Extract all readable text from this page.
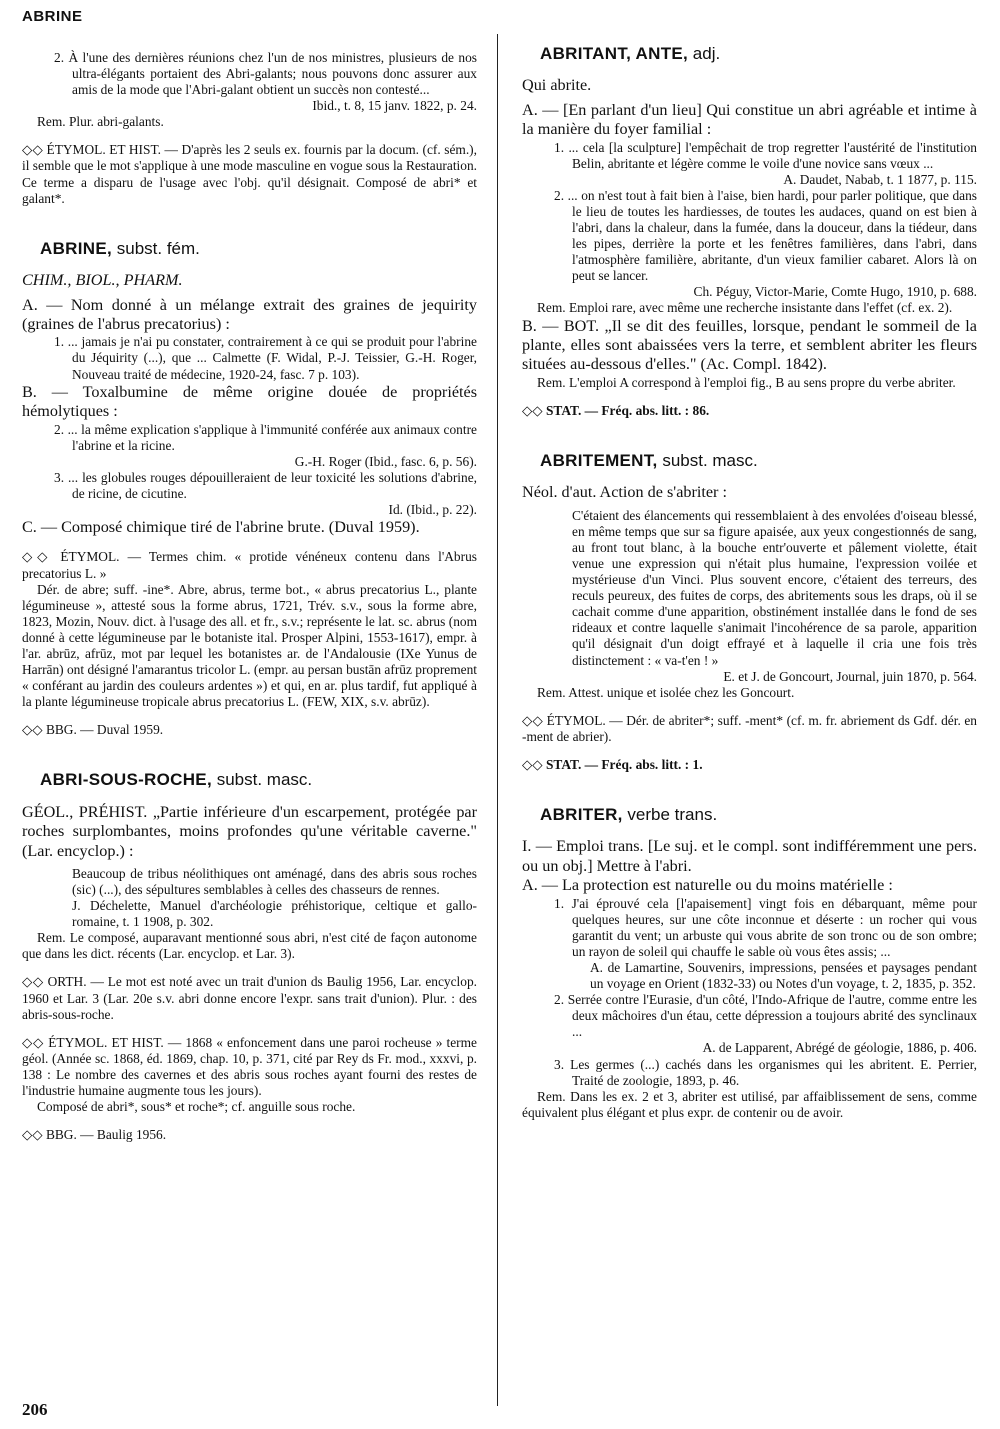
ABRINE

2. À l'une des dernières réunions chez l'un de nos ministres, plusieurs de nos ultra-élégants portaient des Abri-galants; nous pouvons donc assurer aux amis de la mode que l'Abri-galant obtient un succès non contesté...

Ibid., t. 8, 15 janv. 1822, p. 24.

Rem. Plur. abri-galants.

◇◇ ÉTYMOL. ET HIST. — D'après les 2 seuls ex. fournis par la docum. (cf. sém.), il semble que le mot s'applique à une mode masculine en vogue sous la Restauration. Ce terme a disparu de l'usage avec l'obj. qu'il désignait. Composé de abri* et galant*.

ABRINE, subst. fém.

CHIM., BIOL., PHARM.

A. — Nom donné à un mélange extrait des graines de jequirity (graines de l'abrus precatorius) :

1. ... jamais je n'ai pu constater, contrairement à ce qui se produit pour l'abrine du Jéquirity (...), que ... Calmette (F. Widal, P.-J. Teissier, G.-H. Roger, Nouveau traité de médecine, 1920-24, fasc. 7 p. 103).

B. — Toxalbumine de même origine douée de propriétés hémolytiques :

2. ... la même explication s'applique à l'immunité conférée aux animaux contre l'abrine et la ricine.

G.-H. Roger (Ibid., fasc. 6, p. 56).

3. ... les globules rouges dépouilleraient de leur toxicité les solutions d'abrine, de ricine, de cicutine.

Id. (Ibid., p. 22).

C. — Composé chimique tiré de l'abrine brute. (Duval 1959).

◇◇ ÉTYMOL. — Termes chim. « protide vénéneux contenu dans l'Abrus precatorius L. »

Dér. de abre; suff. -ine*. Abre, abrus, terme bot., « abrus precatorius L., plante légumineuse », attesté sous la forme abrus, 1721, Trév. s.v., sous la forme abre, 1823, Mozin, Nouv. dict. à l'usage des all. et fr., s.v.; représente le lat. sc. abrus (nom donné à cette légumineuse par le botaniste ital. Prosper Alpini, 1553-1617), empr. à l'ar. abrūz, afrūz, mot par lequel les botanistes ar. de l'Andalousie (IXe Yunus de Harrān) ont désigné l'amarantus tricolor L. (empr. au persan bustān afrūz proprement « conférant au jardin des couleurs ardentes ») et qui, en ar. plus tardif, fut appliqué à la plante légumineuse tropicale abrus precatorius L. (FEW, XIX, s.v. abrūz).

◇◇ BBG. — Duval 1959.

ABRI-SOUS-ROCHE, subst. masc.

GÉOL., PRÉHIST. „Partie inférieure d'un escarpement, protégée par roches surplombantes, moins profondes qu'une véritable caverne." (Lar. encyclop.) :

Beaucoup de tribus néolithiques ont aménagé, dans des abris sous roches (sic) (...), des sépultures semblables à celles des chasseurs de rennes.

J. Déchelette, Manuel d'archéologie préhistorique, celtique et gallo-romaine, t. 1 1908, p. 302.

Rem. Le composé, auparavant mentionné sous abri, n'est cité de façon autonome que dans les dict. récents (Lar. encyclop. et Lar. 3).

◇◇ ORTH. — Le mot est noté avec un trait d'union ds Baulig 1956, Lar. encyclop. 1960 et Lar. 3 (Lar. 20e s.v. abri donne encore l'expr. sans trait d'union). Plur. : des abris-sous-roche.

◇◇ ÉTYMOL. ET HIST. — 1868 « enfoncement dans une paroi rocheuse » terme géol. (Année sc. 1868, éd. 1869, chap. 10, p. 371, cité par Rey ds Fr. mod., xxxvi, p. 138 : Le nombre des cavernes et des abris sous roches ayant fourni des restes de l'industrie humaine augmente tous les jours).

Composé de abri*, sous* et roche*; cf. anguille sous roche.

◇◇ BBG. — Baulig 1956.

ABRITANT, ANTE, adj.

Qui abrite.

A. — [En parlant d'un lieu] Qui constitue un abri agréable et intime à la manière du foyer familial :

1. ... cela [la sculpture] l'empêchait de trop regretter l'austérité de l'institution Belin, abritante et légère comme le voile d'une novice sans vœux ...

A. Daudet, Nabab, t. 1 1877, p. 115.

2. ... on n'est tout à fait bien à l'aise, bien hardi, pour parler politique, que dans le lieu de toutes les hardiesses, de toutes les audaces, quand on est bien à l'abri, dans la chaleur, dans la fumée, dans la douceur, dans la tiédeur, dans les pipes, derrière la porte et les fenêtres familières, dans l'abri, dans l'atmosphère familière, abritante, d'un vieux familier cabaret. Alors là on peut se lancer.

Ch. Péguy, Victor-Marie, Comte Hugo, 1910, p. 688.

Rem. Emploi rare, avec même une recherche insistante dans l'effet (cf. ex. 2).

B. — BOT. „Il se dit des feuilles, lorsque, pendant le sommeil de la plante, elles sont abaissées vers la terre, et semblent abriter les fleurs situées au-dessous d'elles." (Ac. Compl. 1842).

Rem. L'emploi A correspond à l'emploi fig., B au sens propre du verbe abriter.

◇◇ STAT. — Fréq. abs. litt. : 86.

ABRITEMENT, subst. masc.

Néol. d'aut. Action de s'abriter :

C'étaient des élancements qui ressemblaient à des envolées d'oiseau blessé, en même temps que sur sa figure apaisée, aux yeux congestionnés de sang, au front tout blanc, à la bouche entr'ouverte et pâlement violette, était venue une expression qui n'était plus humaine, l'expression voilée et mystérieuse d'un Vinci. Plus souvent encore, c'étaient des terreurs, des reculs peureux, des fuites de corps, des abritements sous les draps, où il se cachait comme d'une apparition, obstinément installée dans le fond de ses rideaux et contre laquelle s'animait l'incohérence de sa parole, apparition qu'il désignait d'un doigt effrayé et à laquelle il cria une fois très distinctement : « va-t'en ! »

E. et J. de Goncourt, Journal, juin 1870, p. 564.

Rem. Attest. unique et isolée chez les Goncourt.

◇◇ ÉTYMOL. — Dér. de abriter*; suff. -ment* (cf. m. fr. abriement ds Gdf. dér. en -ment de abrier).

◇◇ STAT. — Fréq. abs. litt. : 1.

ABRITER, verbe trans.

I. — Emploi trans. [Le suj. et le compl. sont indifféremment une pers. ou un obj.] Mettre à l'abri.

A. — La protection est naturelle ou du moins matérielle :

1. J'ai éprouvé cela [l'apaisement] vingt fois en débarquant, même pour quelques heures, sur une côte inconnue et déserte : un rocher qui vous garantit du vent; un arbuste qui vous abrite de son tronc ou de son ombre; un rayon de soleil qui chauffe le sable où vous êtes assis; ...

A. de Lamartine, Souvenirs, impressions, pensées et paysages pendant un voyage en Orient (1832-33) ou Notes d'un voyage, t. 2, 1835, p. 352.

2. Serrée contre l'Eurasie, d'un côté, l'Indo-Afrique de l'autre, comme entre les deux mâchoires d'un étau, cette dépression a toujours abrité des synclinaux ...

A. de Lapparent, Abrégé de géologie, 1886, p. 406.

3. Les germes (...) cachés dans les organismes qui les abritent. E. Perrier, Traité de zoologie, 1893, p. 46.

Rem. Dans les ex. 2 et 3, abriter est utilisé, par affaiblissement de sens, comme équivalent plus élégant et plus expr. de contenir ou de avoir.

206
